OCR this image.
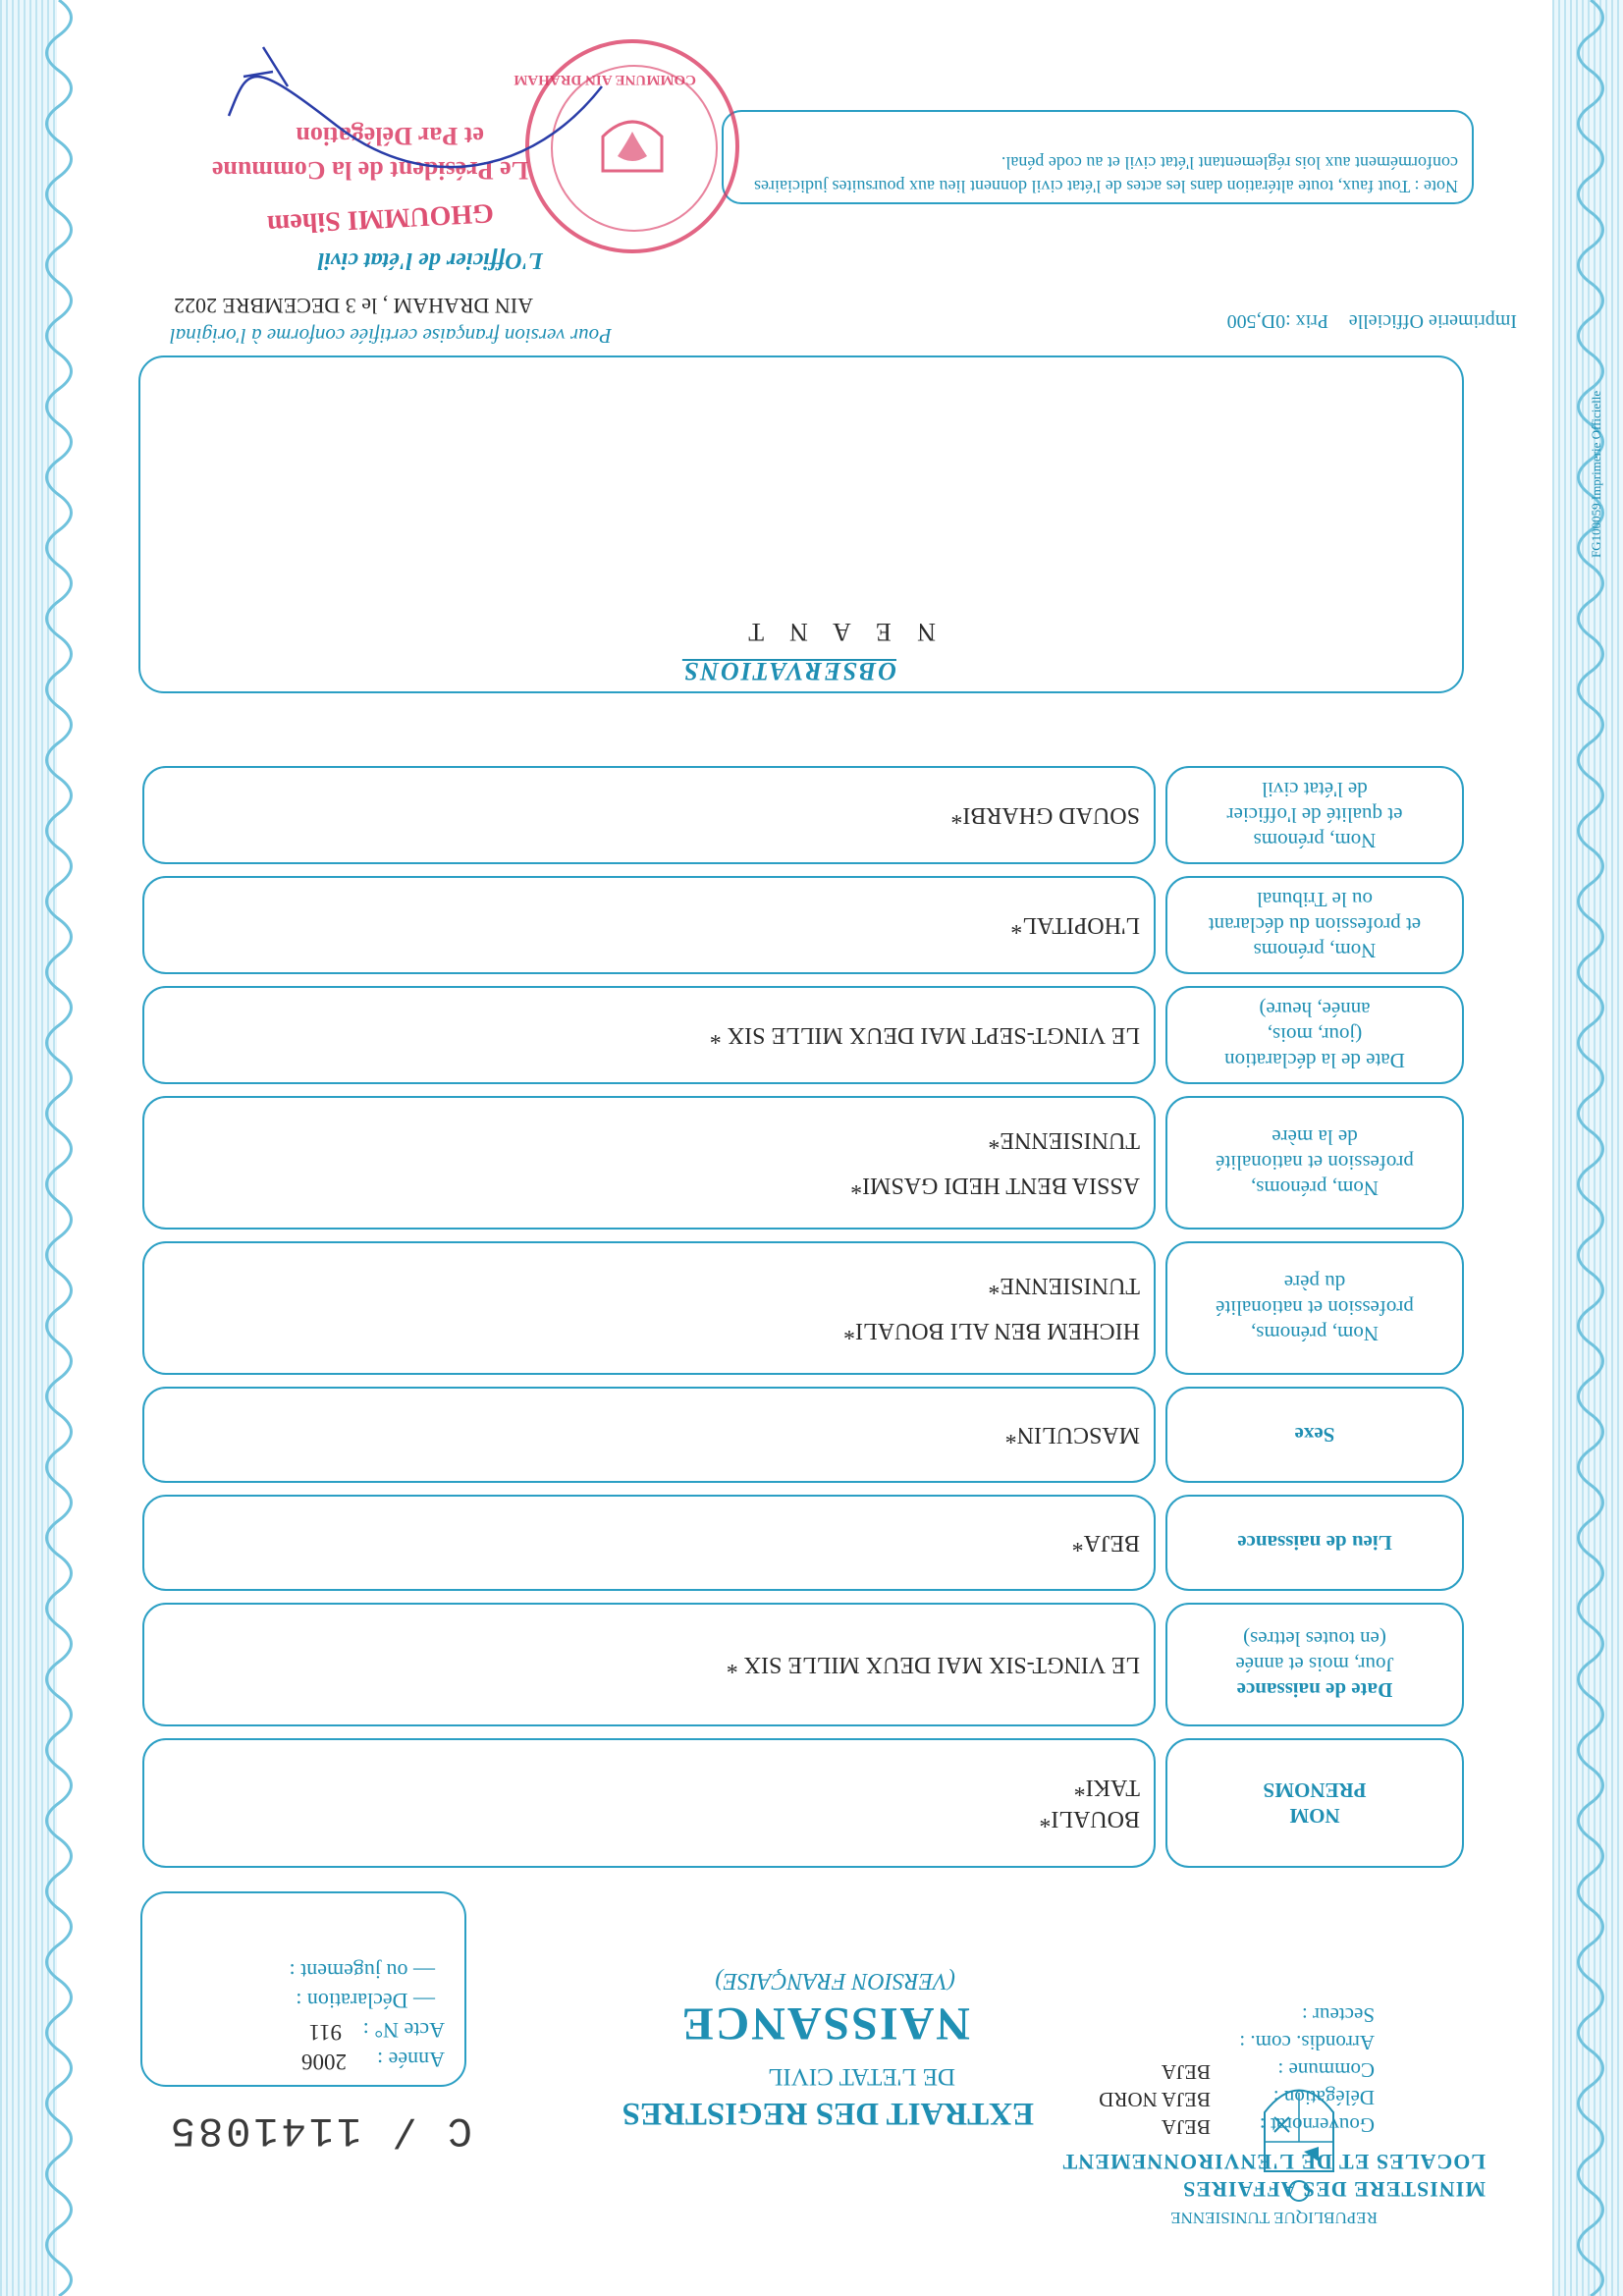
REPUBLIQUE TUNISIENNE
MINISTERE DES AFFAIRES
LOCALES ET DE L'ENVIRONNEMENT
Gouvernorat :
BEJA
Délégation :
BEJA NORD
Commune :
BEJA
Arrondis. com. :
Secteur :
EXTRAIT DES REGISTRES
DE L'ETAT CIVIL
NAISSANCE
(VERSION FRANÇAISE)
C / 1141085
Année :
2006
Acte N° :
911
— Déclaration :
— ou jugement :
NOM
PRENOMS
BOUALI*
TAKI*
Date de naissance
Jour, mois et année
(en toutes lettres)
LE VINGT-SIX MAI DEUX MILLE SIX *
Lieu de naissance
BEJA*
Sexe
MASCULIN*
Nom, prénoms,
profession et nationalité
du père
HICHEM BEN ALI BOUALI*
TUNISIENNE*
Nom, prénoms,
profession et nationalité
de la mère
ASSIA BENT HEDI GASMI*
TUNISIENNE*
Date de la déclaration
(jour, mois,
année, heure)
LE VINGT-SEPT MAI DEUX MILLE SIX *
Nom, prénoms
et profession du déclarant
ou le Tribunal
L'HOPITAL*
Nom, prénoms
et qualité de l'officier
de l'état civil
SOUAD GHARBI*
OBSERVATIONS
N E A N T
FG100059 Imprimerie Officielle
Imprimerie Officielle
Prix :0D,500
Pour version française certifiée conforme à l'original
AIN DRAHAM , le 3 DECEMBRE 2022
L'Officier de l'état civil
Note : Tout faux, toute altération dans les actes de l'état civil donnent lieu aux poursuites judiciaires conformément aux lois réglementant l'état civil et au code pénal.
GHOUMMI Sihem
Le Président de la Commune
et Par Délégation
COMMUNE AIN DRAHAM
